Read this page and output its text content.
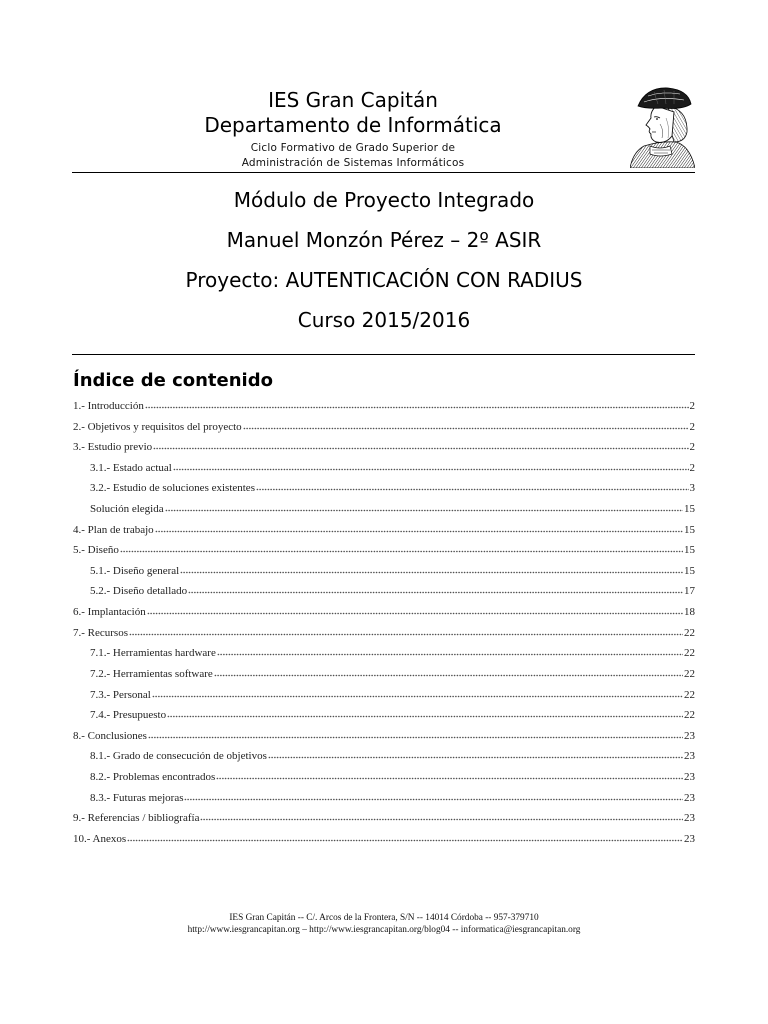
IES Gran Capitán
Departamento de Informática
Ciclo Formativo de Grado Superior de
Administración de Sistemas Informáticos
Módulo de Proyecto Integrado
Manuel Monzón Pérez – 2º ASIR
Proyecto: AUTENTICACIÓN CON RADIUS
Curso 2015/2016
Índice de contenido
1.- Introducción	2
2.- Objetivos y requisitos del proyecto	2
3.- Estudio previo	2
3.1.- Estado actual	2
3.2.- Estudio de soluciones existentes	3
Solución elegida	15
4.- Plan de trabajo	15
5.- Diseño	15
5.1.- Diseño general	15
5.2.- Diseño detallado	17
6.- Implantación	18
7.- Recursos	22
7.1.- Herramientas hardware	22
7.2.- Herramientas software	22
7.3.- Personal	22
7.4.- Presupuesto	22
8.- Conclusiones	23
8.1.- Grado de consecución de objetivos	23
8.2.- Problemas encontrados	23
8.3.- Futuras mejoras	23
9.- Referencias / bibliografía	23
10.- Anexos	23
IES Gran Capitán -- C/. Arcos de la Frontera, S/N -- 14014 Córdoba -- 957-379710
http://www.iesgrancapitan.org – http://www.iesgrancapitan.org/blog04 -- informatica@iesgrancapitan.org
